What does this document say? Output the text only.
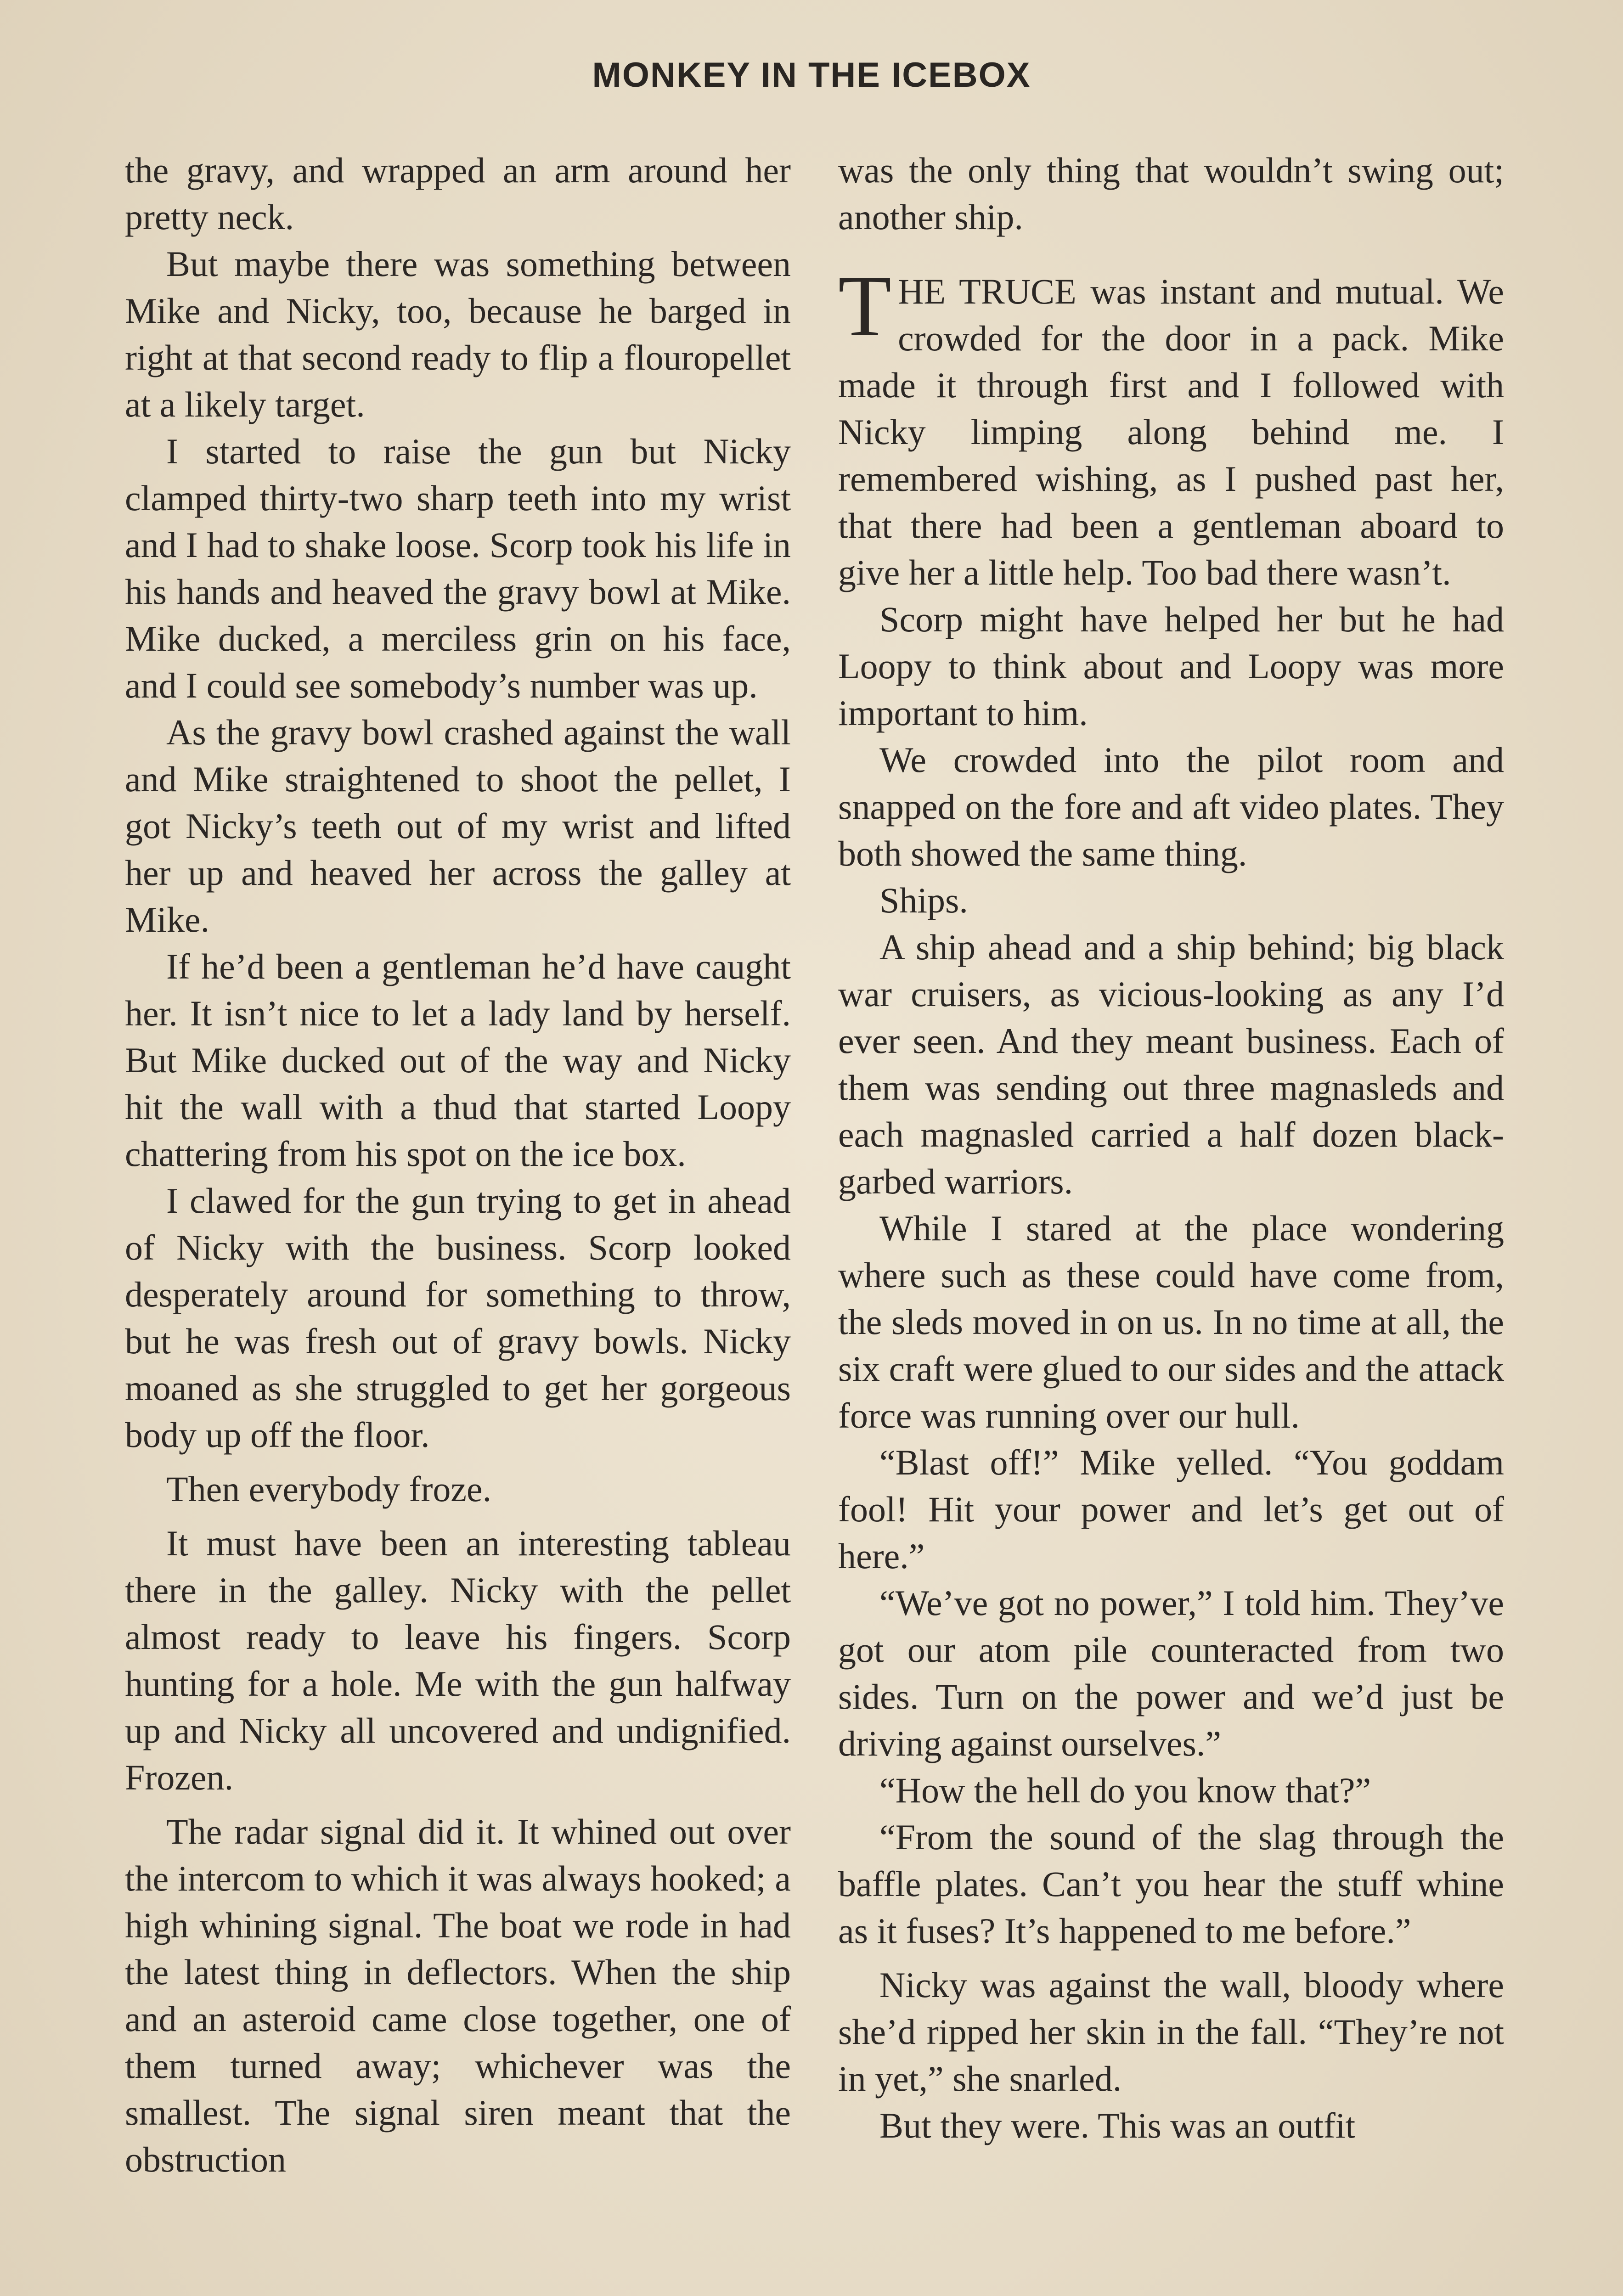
MONKEY IN THE ICEBOX

the gravy, and wrapped an arm around her pretty neck.

But maybe there was something between Mike and Nicky, too, because he barged in right at that second ready to flip a flouropellet at a likely target.

I started to raise the gun but Nicky clamped thirty-two sharp teeth into my wrist and I had to shake loose. Scorp took his life in his hands and heaved the gravy bowl at Mike. Mike ducked, a merciless grin on his face, and I could see somebody’s number was up.

As the gravy bowl crashed against the wall and Mike straightened to shoot the pellet, I got Nicky’s teeth out of my wrist and lifted her up and heaved her across the galley at Mike.

If he’d been a gentleman he’d have caught her. It isn’t nice to let a lady land by herself. But Mike ducked out of the way and Nicky hit the wall with a thud that started Loopy chattering from his spot on the ice box.

I clawed for the gun trying to get in ahead of Nicky with the business. Scorp looked desperately around for something to throw, but he was fresh out of gravy bowls. Nicky moaned as she struggled to get her gorgeous body up off the floor.

Then everybody froze.

It must have been an interesting tableau there in the galley. Nicky with the pellet almost ready to leave his fingers. Scorp hunting for a hole. Me with the gun halfway up and Nicky all uncovered and undignified. Frozen.

The radar signal did it. It whined out over the intercom to which it was always hooked; a high whining signal. The boat we rode in had the latest thing in deflectors. When the ship and an asteroid came close together, one of them turned away; whichever was the smallest. The signal siren meant that the obstruction

was the only thing that wouldn’t swing out; another ship.

THE TRUCE was instant and mutual. We crowded for the door in a pack. Mike made it through first and I followed with Nicky limping along behind me. I remembered wishing, as I pushed past her, that there had been a gentleman aboard to give her a little help. Too bad there wasn’t.

Scorp might have helped her but he had Loopy to think about and Loopy was more important to him.

We crowded into the pilot room and snapped on the fore and aft video plates. They both showed the same thing.

Ships.

A ship ahead and a ship behind; big black war cruisers, as vicious-looking as any I’d ever seen. And they meant business. Each of them was sending out three magnasleds and each magnasled carried a half dozen black-garbed warriors.

While I stared at the place wondering where such as these could have come from, the sleds moved in on us. In no time at all, the six craft were glued to our sides and the attack force was running over our hull.

“Blast off!” Mike yelled. “You goddam fool! Hit your power and let’s get out of here.”

“We’ve got no power,” I told him. They’ve got our atom pile counteracted from two sides. Turn on the power and we’d just be driving against ourselves.”

“How the hell do you know that?”

“From the sound of the slag through the baffle plates. Can’t you hear the stuff whine as it fuses? It’s happened to me before.”

Nicky was against the wall, bloody where she’d ripped her skin in the fall. “They’re not in yet,” she snarled.

But they were. This was an outfit
